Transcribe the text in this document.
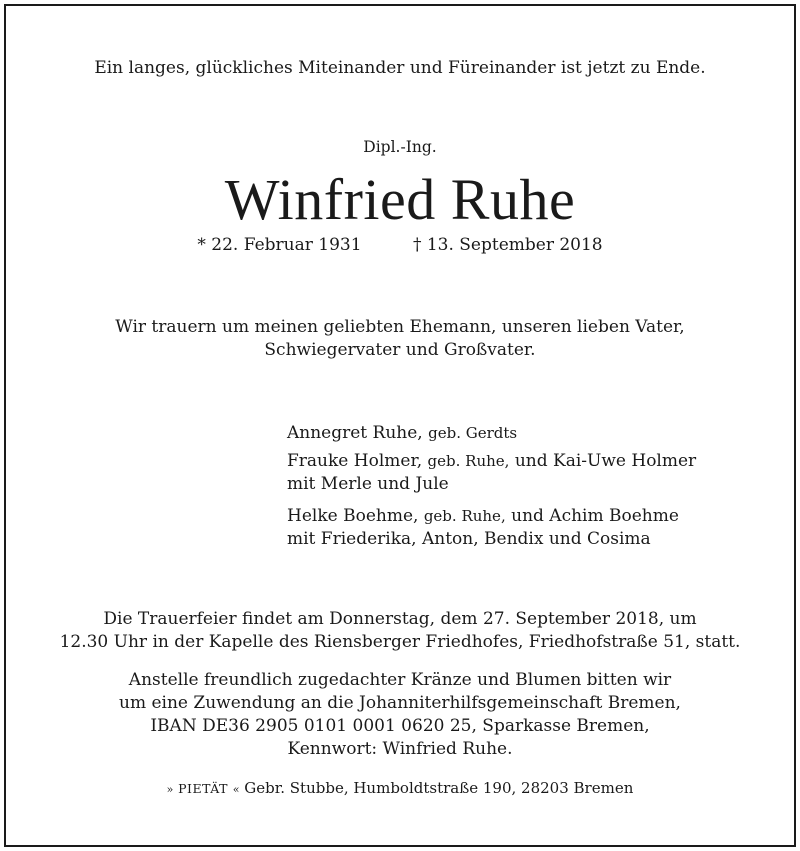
Ein langes, glückliches Miteinander und Füreinander ist jetzt zu Ende.
Dipl.-Ing.
Winfried Ruhe
* 22. Februar 1931	† 13. September 2018
Wir trauern um meinen geliebten Ehemann, unseren lieben Vater,
Schwiegervater und Großvater.
Annegret Ruhe, geb. Gerdts
Frauke Holmer, geb. Ruhe, und Kai-Uwe Holmer
mit Merle und Jule
Helke Boehme, geb. Ruhe, und Achim Boehme
mit Friederika, Anton, Bendix und Cosima
Die Trauerfeier findet am Donnerstag, dem 27. September 2018, um
12.30 Uhr in der Kapelle des Riensberger Friedhofes, Friedhofstraße 51, statt.
Anstelle freundlich zugedachter Kränze und Blumen bitten wir
um eine Zuwendung an die Johanniterhilfsgemeinschaft Bremen,
IBAN DE36 2905 0101 0001 0620 25, Sparkasse Bremen,
Kennwort: Winfried Ruhe.
» PIETÄT « Gebr. Stubbe, Humboldtstraße 190, 28203 Bremen
